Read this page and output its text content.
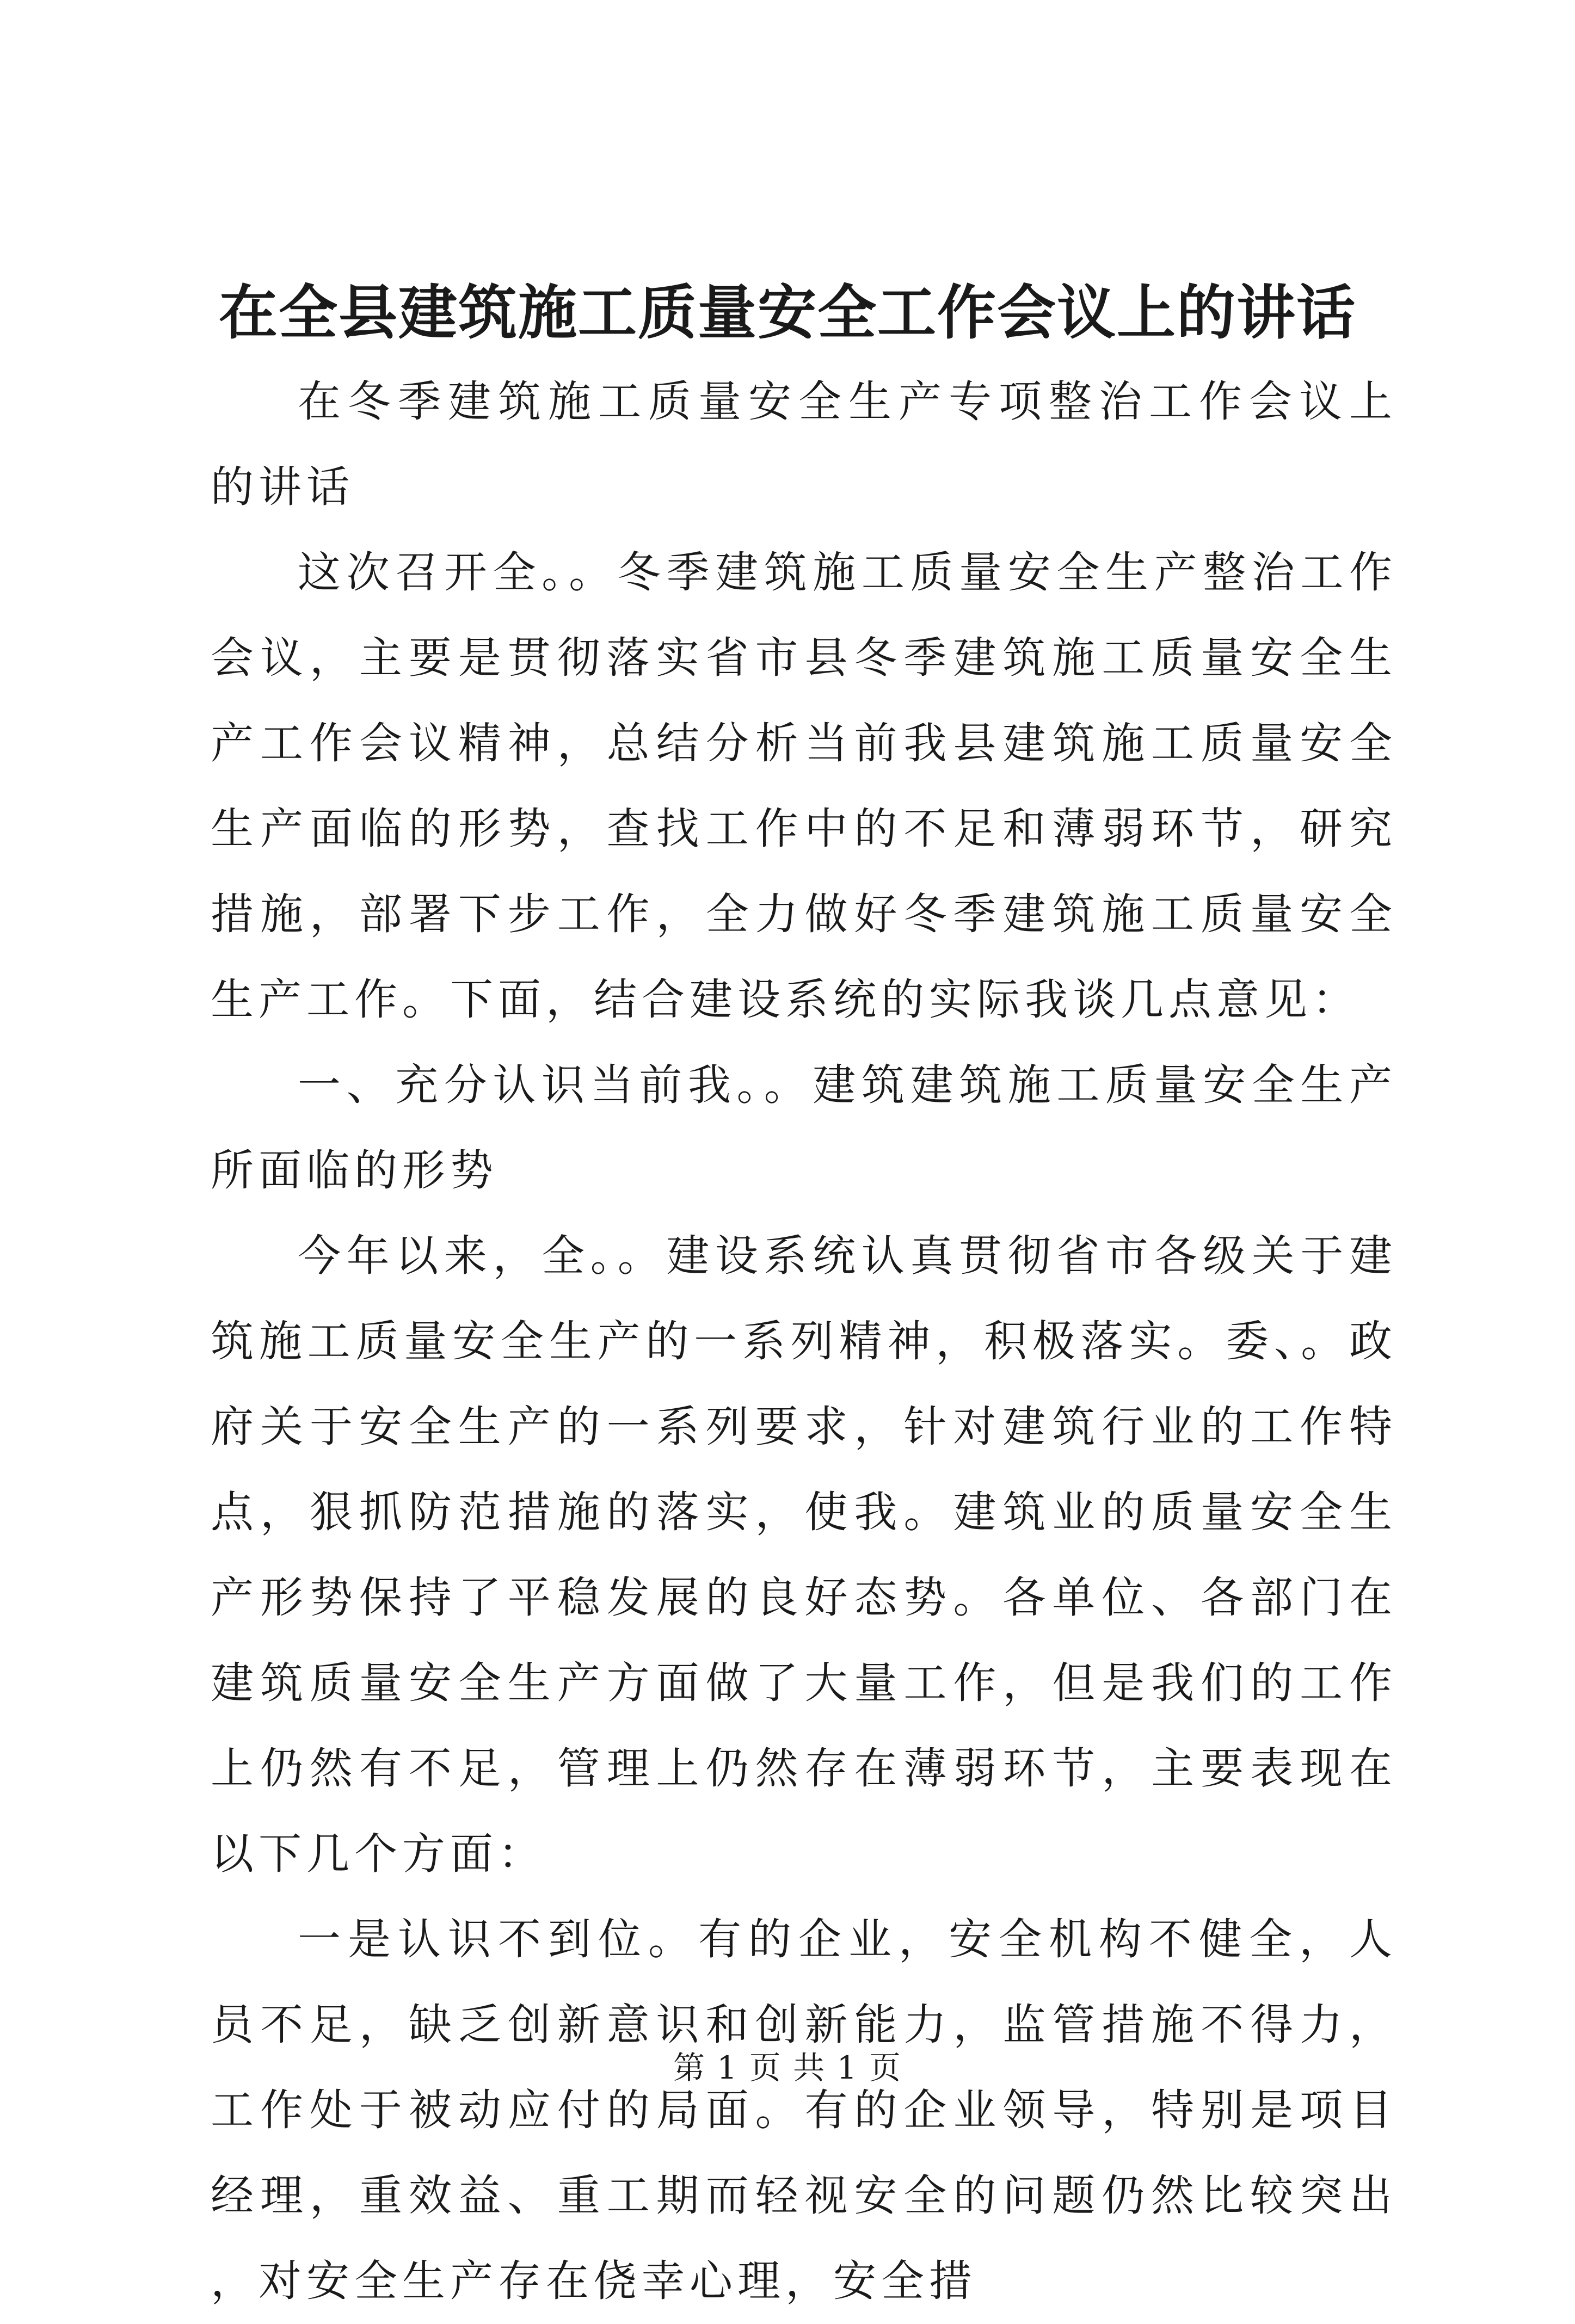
在全县建筑施工质量安全工作会议上的讲话

在冬季建筑施工质量安全生产专项整治工作会议上的讲话

这次召开全。。冬季建筑施工质量安全生产整治工作会议，主要是贯彻落实省市县冬季建筑施工质量安全生产工作会议精神，总结分析当前我县建筑施工质量安全生产面临的形势，查找工作中的不足和薄弱环节，研究措施，部署下步工作，全力做好冬季建筑施工质量安全生产工作。下面，结合建设系统的实际我谈几点意见：

一、充分认识当前我。。建筑建筑施工质量安全生产所面临的形势

今年以来，全。。建设系统认真贯彻省市各级关于建筑施工质量安全生产的一系列精神，积极落实。委、。政府关于安全生产的一系列要求，针对建筑行业的工作特点，狠抓防范措施的落实，使我。建筑业的质量安全生产形势保持了平稳发展的良好态势。各单位、各部门在建筑质量安全生产方面做了大量工作，但是我们的工作上仍然有不足，管理上仍然存在薄弱环节，主要表现在以下几个方面：

一是认识不到位。有的企业，安全机构不健全，人员不足，缺乏创新意识和创新能力，监管措施不得力，工作处于被动应付的局面。有的企业领导，特别是项目经理，重效益、重工期而轻视安全的问题仍然比较突出，对安全生产存在侥幸心理，安全措

第 1 页 共 1 页
